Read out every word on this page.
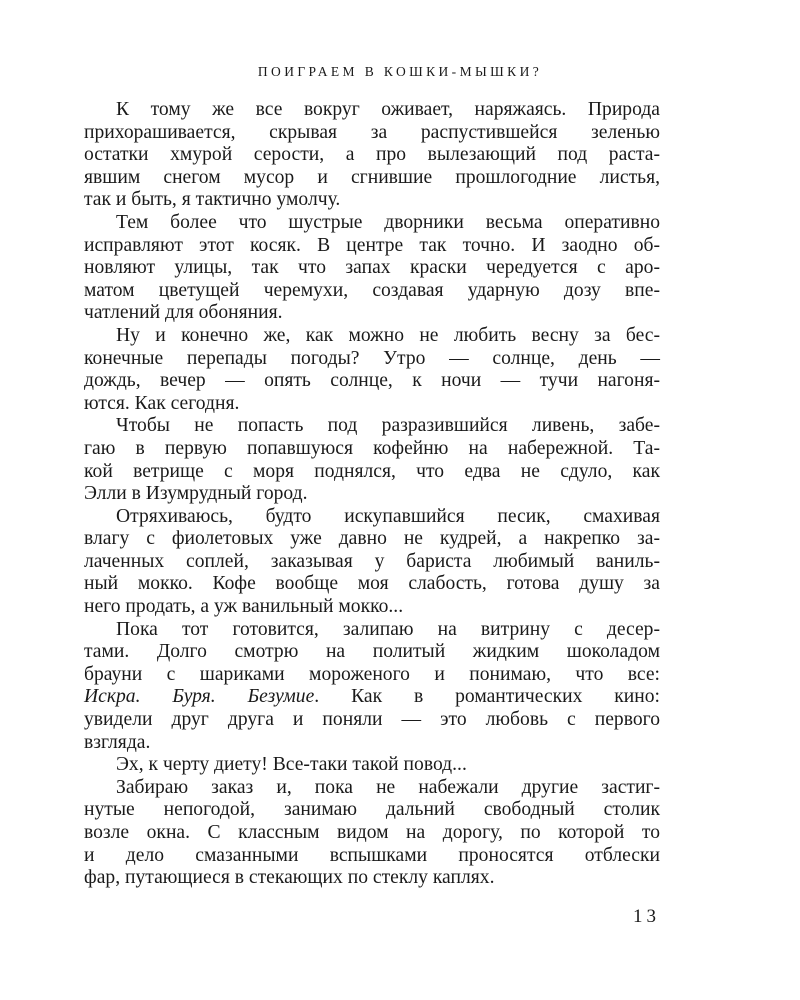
ПОИГРАЕМ В КОШКИ-МЫШКИ?

К тому же все вокруг оживает, наряжаясь. Природа
прихорашивается, скрывая за распустившейся зеленью
остатки хмурой серости, а про вылезающий под раста-
явшим снегом мусор и сгнившие прошлогодние листья,
так и быть, я тактично умолчу.

Тем более что шустрые дворники весьма оперативно
исправляют этот косяк. В центре так точно. И заодно об-
новляют улицы, так что запах краски чередуется с аро-
матом цветущей черемухи, создавая ударную дозу впе-
чатлений для обоняния.

Ну и конечно же, как можно не любить весну за бес-
конечные перепады погоды? Утро — солнце, день —
дождь, вечер — опять солнце, к ночи — тучи нагоня-
ются. Как сегодня.

Чтобы не попасть под разразившийся ливень, забе-
гаю в первую попавшуюся кофейню на набережной. Та-
кой ветрище с моря поднялся, что едва не сдуло, как
Элли в Изумрудный город.

Отряхиваюсь, будто искупавшийся песик, смахивая
влагу с фиолетовых уже давно не кудрей, а накрепко за-
лаченных соплей, заказывая у бариста любимый ваниль-
ный мокко. Кофе вообще моя слабость, готова душу за
него продать, а уж ванильный мокко...

Пока тот готовится, залипаю на витрину с десер-
тами. Долго смотрю на политый жидким шоколадом
брауни с шариками мороженого и понимаю, что все:
Искра. Буря. Безумие. Как в романтических кино:
увидели друг друга и поняли — это любовь с первого
взгляда.

Эх, к черту диету! Все-таки такой повод...

Забираю заказ и, пока не набежали другие застиг-
нутые непогодой, занимаю дальний свободный столик
возле окна. С классным видом на дорогу, по которой то
и дело смазанными вспышками проносятся отблески
фар, путающиеся в стекающих по стеклу каплях.

13
